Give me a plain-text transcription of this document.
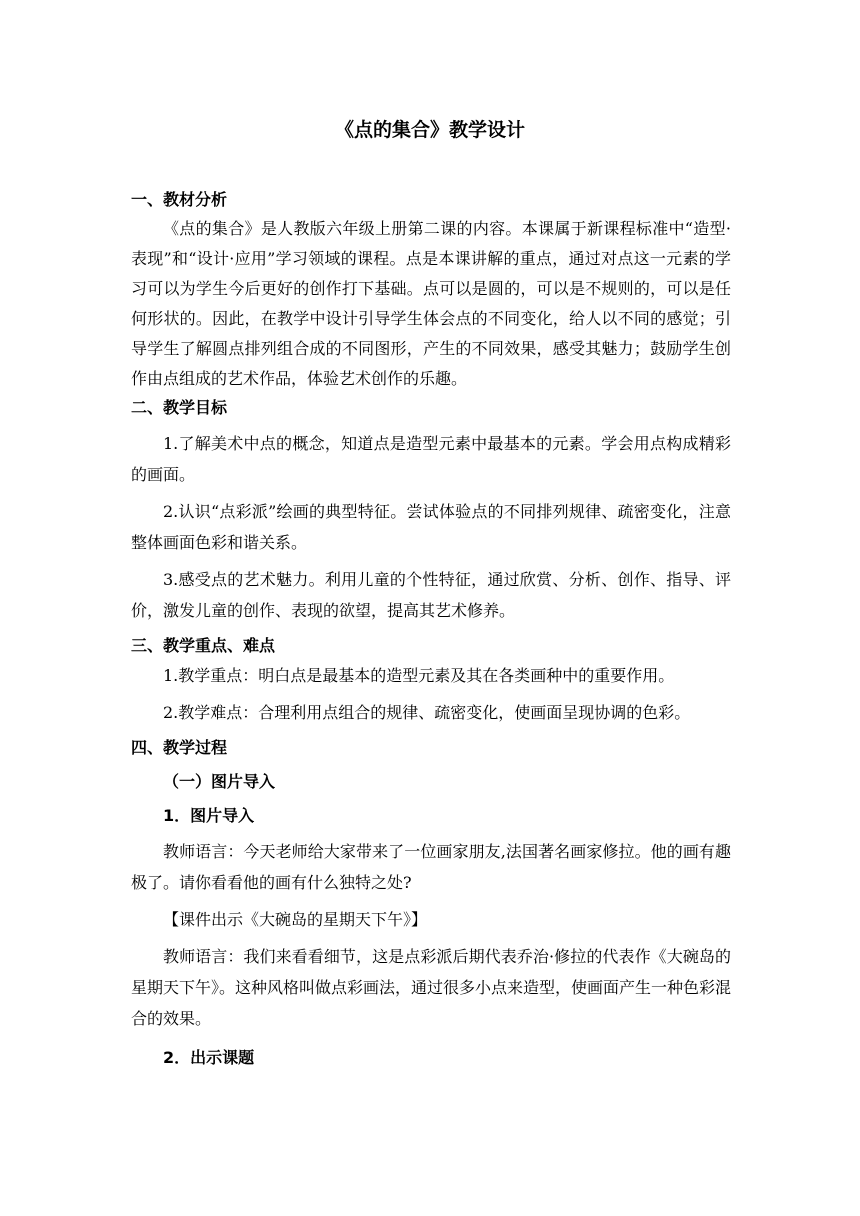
《点的集合》教学设计

一、教材分析

《点的集合》是人教版六年级上册第二课的内容。本课属于新课程标准中“造型·表现”和“设计·应用”学习领域的课程。点是本课讲解的重点，通过对点这一元素的学习可以为学生今后更好的创作打下基础。点可以是圆的，可以是不规则的，可以是任何形状的。因此，在教学中设计引导学生体会点的不同变化，给人以不同的感觉；引导学生了解圆点排列组合成的不同图形，产生的不同效果，感受其魅力；鼓励学生创作由点组成的艺术作品，体验艺术创作的乐趣。

二、教学目标

1.了解美术中点的概念，知道点是造型元素中最基本的元素。学会用点构成精彩的画面。

2.认识“点彩派”绘画的典型特征。尝试体验点的不同排列规律、疏密变化，注意整体画面色彩和谐关系。

3.感受点的艺术魅力。利用儿童的个性特征，通过欣赏、分析、创作、指导、评价，激发儿童的创作、表现的欲望，提高其艺术修养。

三、教学重点、难点

1.教学重点：明白点是最基本的造型元素及其在各类画种中的重要作用。

2.教学难点：合理利用点组合的规律、疏密变化，使画面呈现协调的色彩。

四、教学过程

（一）图片导入

1．图片导入

教师语言：今天老师给大家带来了一位画家朋友,法国著名画家修拉。他的画有趣极了。请你看看他的画有什么独特之处?

【课件出示《大碗岛的星期天下午》】

教师语言：我们来看看细节，这是点彩派后期代表乔治·修拉的代表作《大碗岛的星期天下午》。这种风格叫做点彩画法，通过很多小点来造型，使画面产生一种色彩混合的效果。

2．出示课题
